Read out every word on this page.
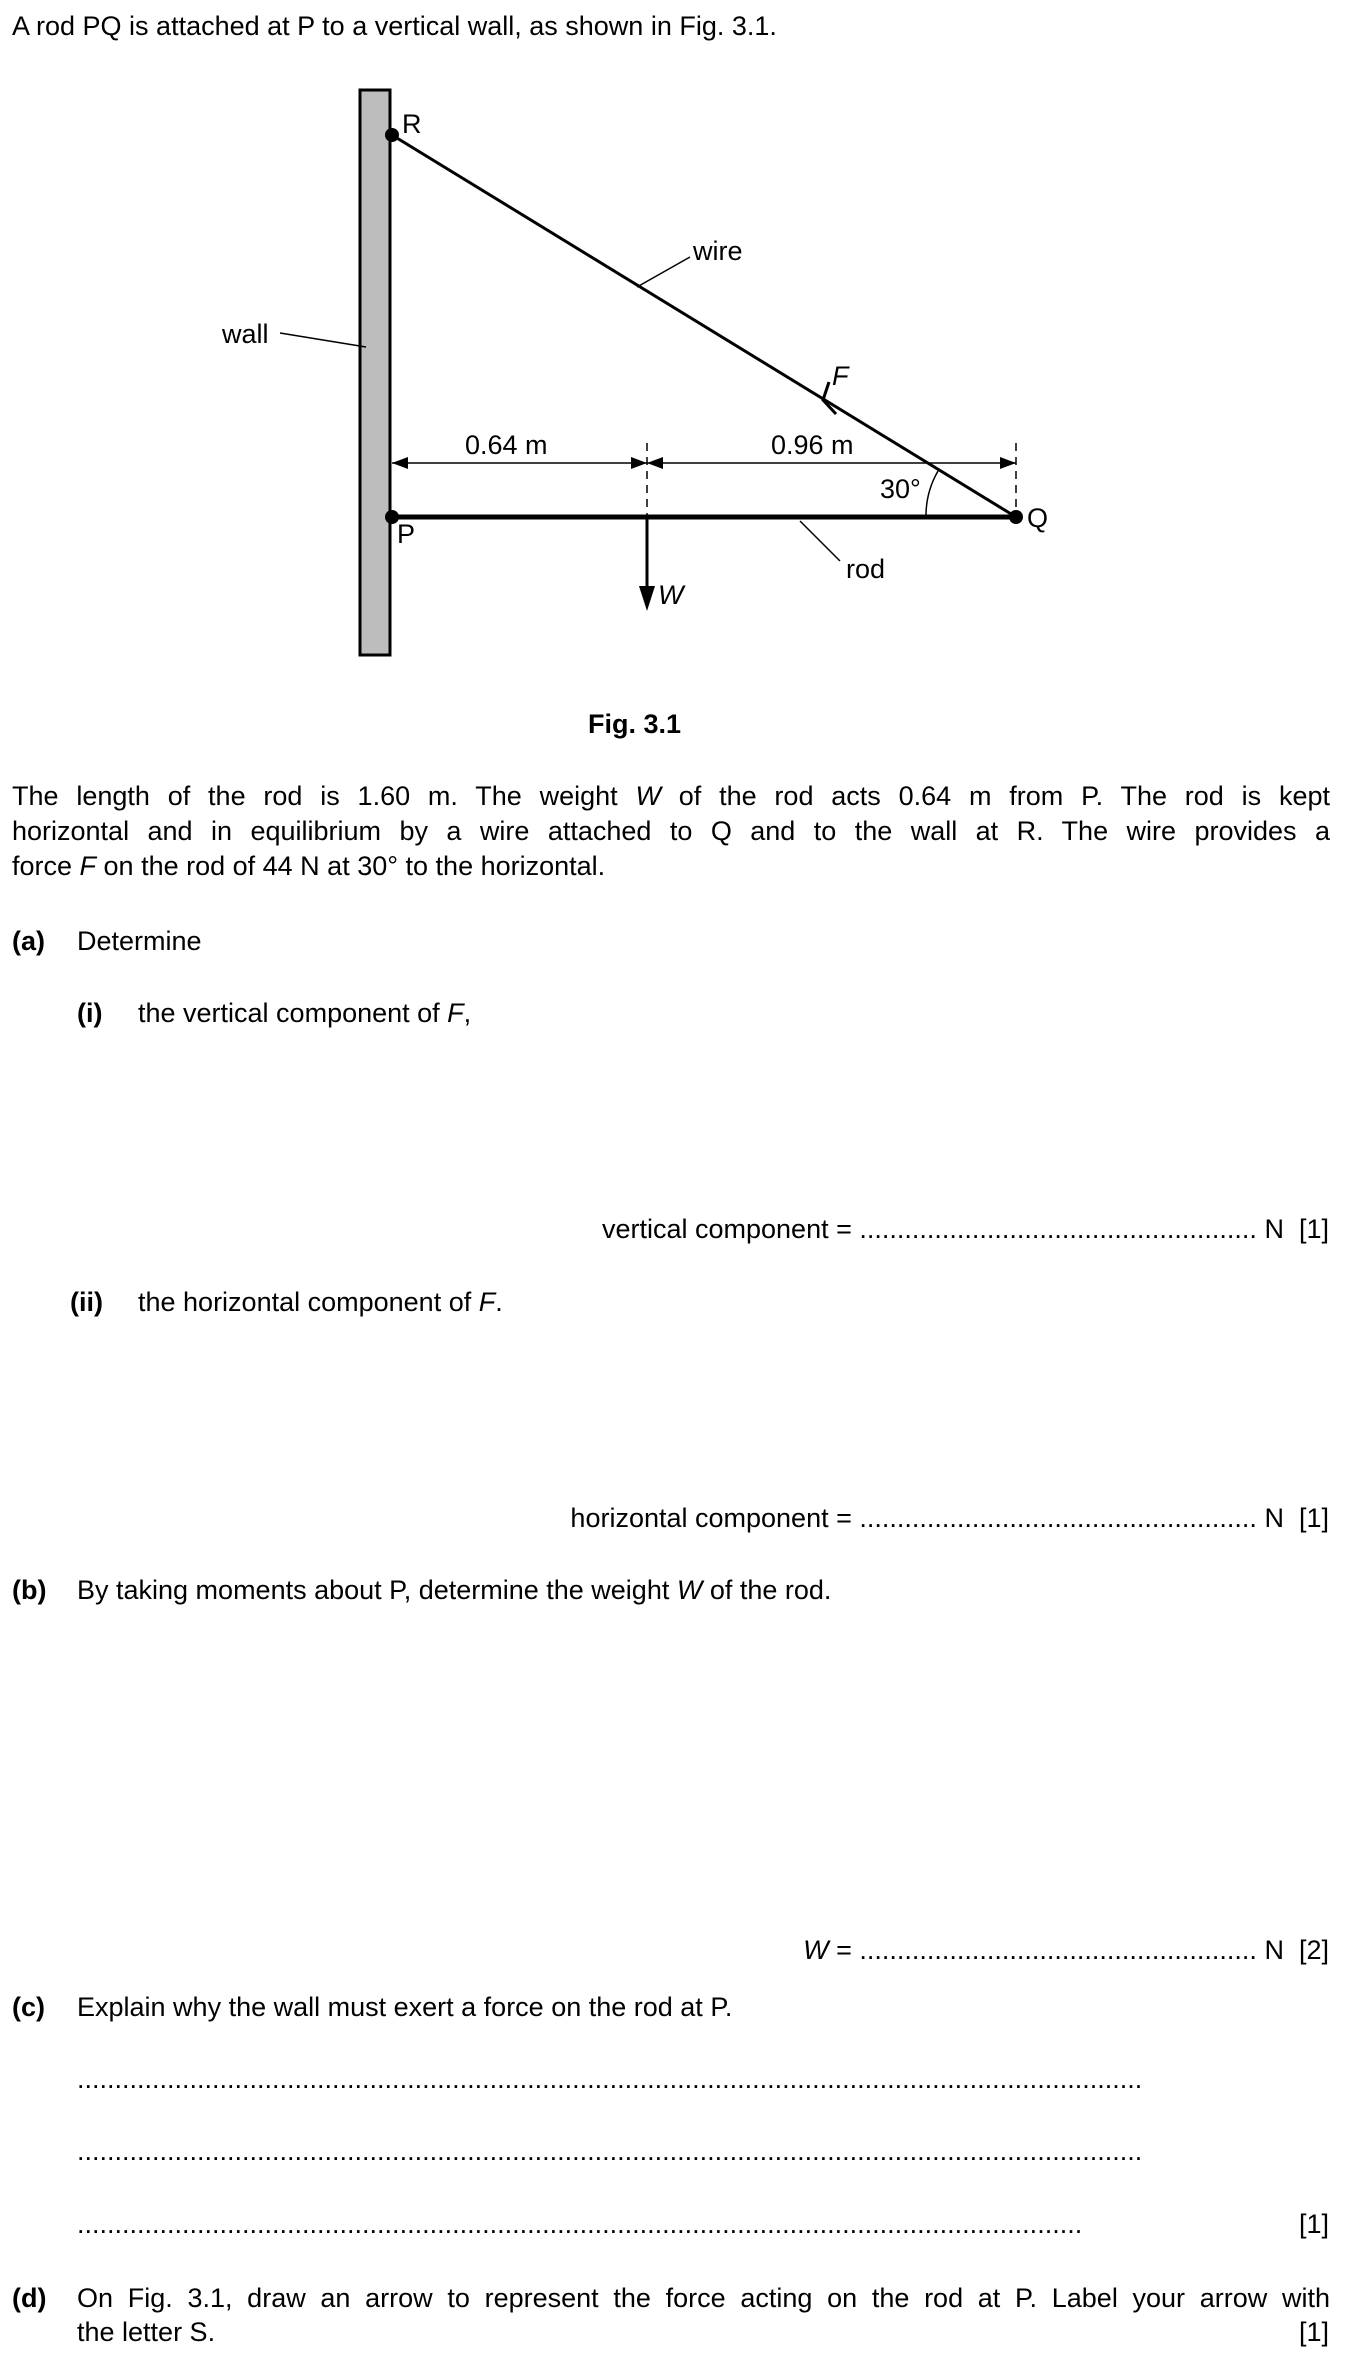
A rod PQ is attached at P to a vertical wall, as shown in Fig. 3.1.
R
wire
wall
F
0.64 m	0.96 m
30°
Q
P
rod
W
Fig. 3.1
The length of the rod is 1.60 m. The weight W of the rod acts 0.64 m from P. The rod is kept
horizontal and in equilibrium by a wire attached to Q and to the wall at R. The wire provides a
force F on the rod of 44 N at 30° to the horizontal.
(a) Determine
(i) the vertical component of F,
vertical component = ..................................................... N [1]
(ii) the horizontal component of F.
horizontal component = ..................................................... N [1]
(b) By taking moments about P, determine the weight W of the rod.
W = ..................................................... N [2]
(c) Explain why the wall must exert a force on the rod at P.
..............................................................................................................................................
..............................................................................................................................................
......................................................................................................................................	[1]
(d) On Fig. 3.1, draw an arrow to represent the force acting on the rod at P. Label your arrow with
the letter S.	[1]
